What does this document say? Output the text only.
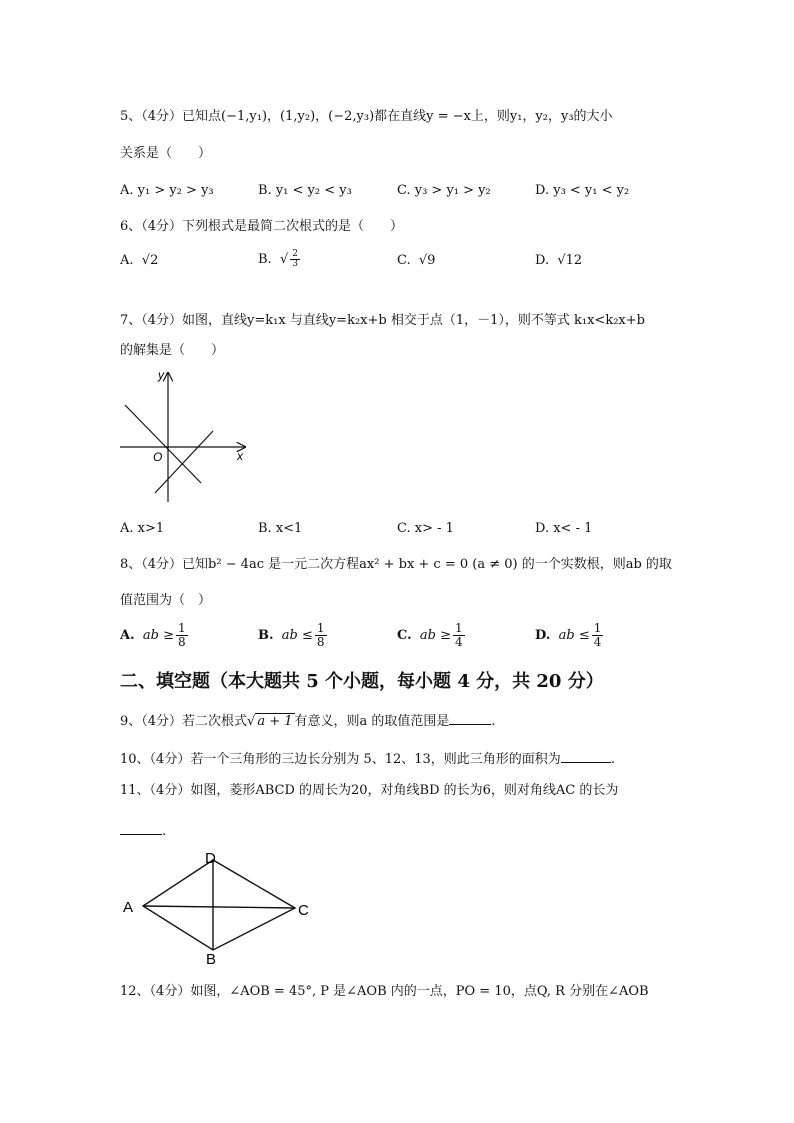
5、（4分）已知点(−1,y₁)，(1,y₂)，(−2,y₃)都在直线y = −x上，则y₁，y₂，y₃的大小
关系是（　　）
A. y₁ > y₂ > y₃	B. y₁ < y₂ < y₃	C. y₃ > y₁ > y₂	D. y₃ < y₁ < y₂
6、（4分）下列根式是最简二次根式的是（　　）
A. √2	B.  √ $\frac{2}{3}$	C. √9	D. √12
7、（4分）如图，直线y=k₁x 与直线y=k₂x+b 相交于点（1，－1），则不等式 k₁x<k₂x+b
的解集是（　　）
y
x
O
A. x>1	B. x<1	C. x> - 1	D. x< - 1
8、（4分）已知b² − 4ac 是一元二次方程ax² + bx + c = 0 (a ≠ 0) 的一个实数根，则ab 的取
值范围为（　）
A. ab ≥ $\frac{1}{8}$	B. ab ≤ $\frac{1}{8}$	C. ab ≥ $\frac{1}{4}$	D. ab ≤ $\frac{1}{4}$
二、填空题（本大题共 5 个小题，每小题 4 分，共 20 分）
9、（4分）若二次根式√ a + 1 有意义，则a 的取值范围是	.
10、（4分）若一个三角形的三边长分别为 5、12、13，则此三角形的面积为	.
11、（4分）如图，菱形ABCD 的周长为20，对角线BD 的长为6，则对角线AC 的长为
.
A
D
C
B
12、（4分）如图，∠AOB = 45°, P 是∠AOB 内的一点，PO = 10，点Q, R 分别在∠AOB
